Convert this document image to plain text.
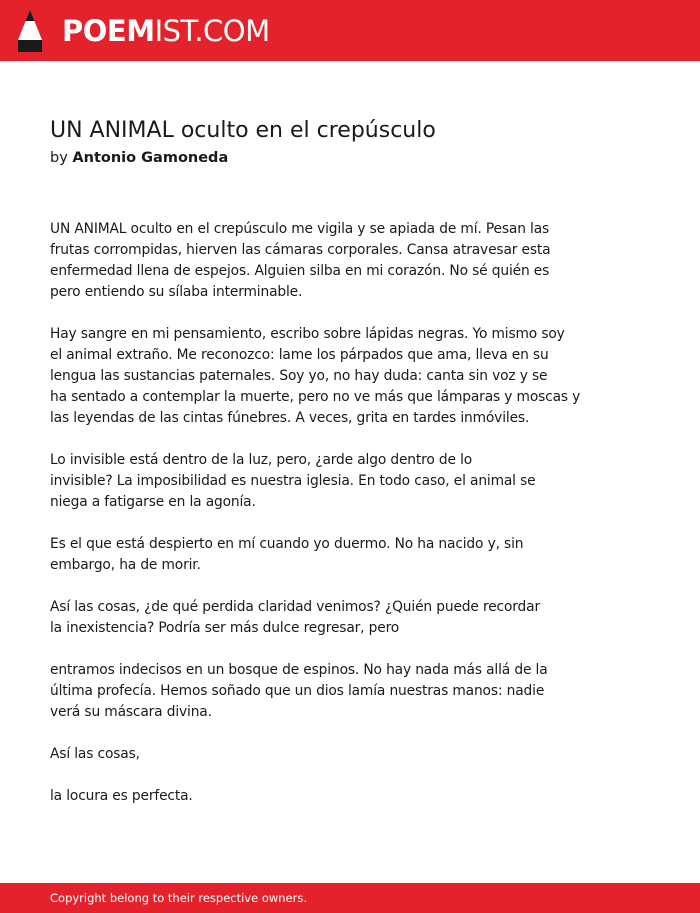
POEMIST.COM
UN ANIMAL oculto en el crepúsculo
by Antonio Gamoneda
UN ANIMAL oculto en el crepúsculo me vigila y se apiada de mí. Pesan las
frutas corrompidas, hierven las cámaras corporales. Cansa atravesar esta
enfermedad llena de espejos. Alguien silba en mi corazón. No sé quién es
pero entiendo su sílaba interminable.
Hay sangre en mi pensamiento, escribo sobre lápidas negras. Yo mismo soy
el animal extraño. Me reconozco: lame los párpados que ama, lleva en su
lengua las sustancias paternales. Soy yo, no hay duda: canta sin voz y se
ha sentado a contemplar la muerte, pero no ve más que lámparas y moscas y
las leyendas de las cintas fúnebres. A veces, grita en tardes inmóviles.
Lo invisible está dentro de la luz, pero, ¿arde algo dentro de lo
invisible? La imposibilidad es nuestra iglesia. En todo caso, el animal se
niega a fatigarse en la agonía.
Es el que está despierto en mí cuando yo duermo. No ha nacido y, sin
embargo, ha de morir.
Así las cosas, ¿de qué perdida claridad venimos? ¿Quién puede recordar
la inexistencia? Podría ser más dulce regresar, pero
entramos indecisos en un bosque de espinos. No hay nada más allá de la
última profecía. Hemos soñado que un dios lamía nuestras manos: nadie
verá su máscara divina.
Así las cosas,
la locura es perfecta.
Copyright belong to their respective owners.
